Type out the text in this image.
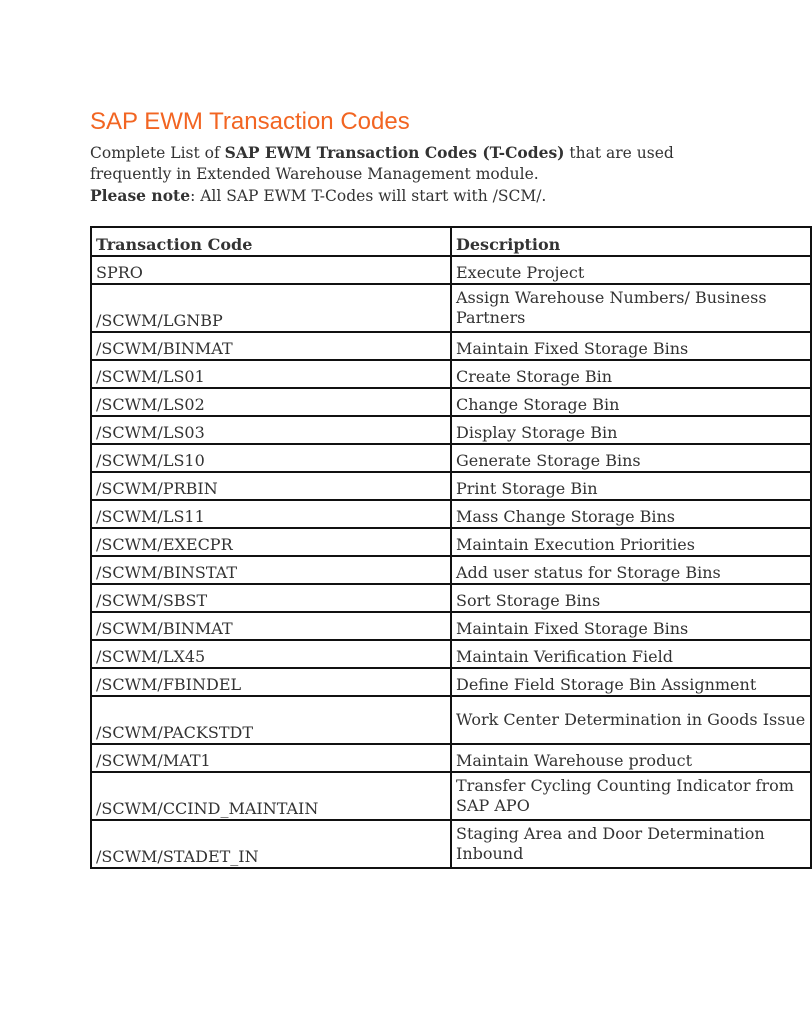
SAP EWM Transaction Codes

Complete List of SAP EWM Transaction Codes (T-Codes) that are used frequently in Extended Warehouse Management module.

Please note: All SAP EWM T-Codes will start with /SCM/.

Transaction Code	Description
SPRO	Execute Project
/SCWM/LGNBP	Assign Warehouse Numbers/ Business Partners
/SCWM/BINMAT	Maintain Fixed Storage Bins
/SCWM/LS01	Create Storage Bin
/SCWM/LS02	Change Storage Bin
/SCWM/LS03	Display Storage Bin
/SCWM/LS10	Generate Storage Bins
/SCWM/PRBIN	Print Storage Bin
/SCWM/LS11	Mass Change Storage Bins
/SCWM/EXECPR	Maintain Execution Priorities
/SCWM/BINSTAT	Add user status for Storage Bins
/SCWM/SBST	Sort Storage Bins
/SCWM/BINMAT	Maintain Fixed Storage Bins
/SCWM/LX45	Maintain Verification Field
/SCWM/FBINDEL	Define Field Storage Bin Assignment
/SCWM/PACKSTDT	Work Center Determination in Goods Issue
/SCWM/MAT1	Maintain Warehouse product
/SCWM/CCIND_MAINTAIN	Transfer Cycling Counting Indicator from SAP APO
/SCWM/STADET_IN	Staging Area and Door Determination Inbound
